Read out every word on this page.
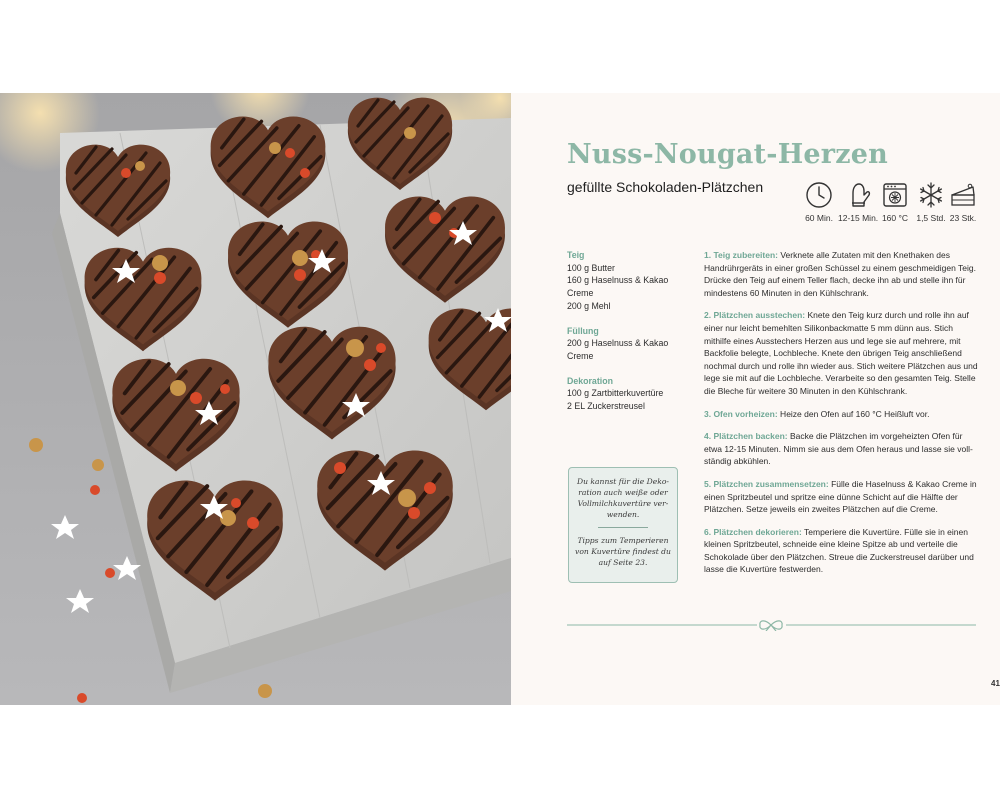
Nuss-Nougat-Herzen
gefüllte Schokoladen-Plätzchen
60 Min. 12-15 Min. 160 °C 1,5 Std. 23 Stk.
Teig
100 g Butter
160 g Haselnuss & Kakao
Creme
200 g Mehl
Füllung
200 g Haselnuss & Kakao
Creme
Dekoration
100 g Zartbitterkuvertüre
2 EL Zuckerstreusel
Du kannst für die Deko-ration auch weiße oder Vollmilchkuvertüre ver-wenden.
Tipps zum Temperieren von Kuvertüre findest du auf Seite 23.

1. Teig zubereiten: Verknete alle Zutaten mit den Knethaken des Handrührgeräts in einer großen Schüssel zu einem geschmeidigen Teig. Drücke den Teig auf einem Teller flach, decke ihn ab und stelle ihn für mindestens 60 Minuten in den Kühlschrank.

2. Plätzchen ausstechen: Knete den Teig kurz durch und rolle ihn auf einer nur leicht bemehlten Silikonbackmatte 5 mm dünn aus. Stich mithilfe eines Ausstechers Herzen aus und lege sie auf mehrere, mit Backfolie belegte, Lochbleche. Knete den übrigen Teig anschließend nochmal durch und rolle ihn wieder aus. Stich weitere Plätzchen aus und lege sie mit auf die Lochbleche. Verarbeite so den gesamten Teig. Stelle die Bleche für weitere 30 Minuten in den Kühlschrank.

3. Ofen vorheizen: Heize den Ofen auf 160 °C Heißluft vor.

4. Plätzchen backen: Backe die Plätzchen im vorgeheizten Ofen für etwa 12-15 Minuten. Nimm sie aus dem Ofen heraus und lasse sie voll-ständig abkühlen.

5. Plätzchen zusammensetzen: Fülle die Haselnuss & Kakao Creme in einen Spritzbeutel und spritze eine dünne Schicht auf die Hälfte der Plätzchen. Setze jeweils ein zweites Plätzchen auf die Creme.

6. Plätzchen dekorieren: Temperiere die Kuvertüre. Fülle sie in einen kleinen Spritzbeutel, schneide eine kleine Spitze ab und verteile die Schokolade über den Plätzchen. Streue die Zuckerstreusel darüber und lasse die Kuvertüre festwerden.

41
